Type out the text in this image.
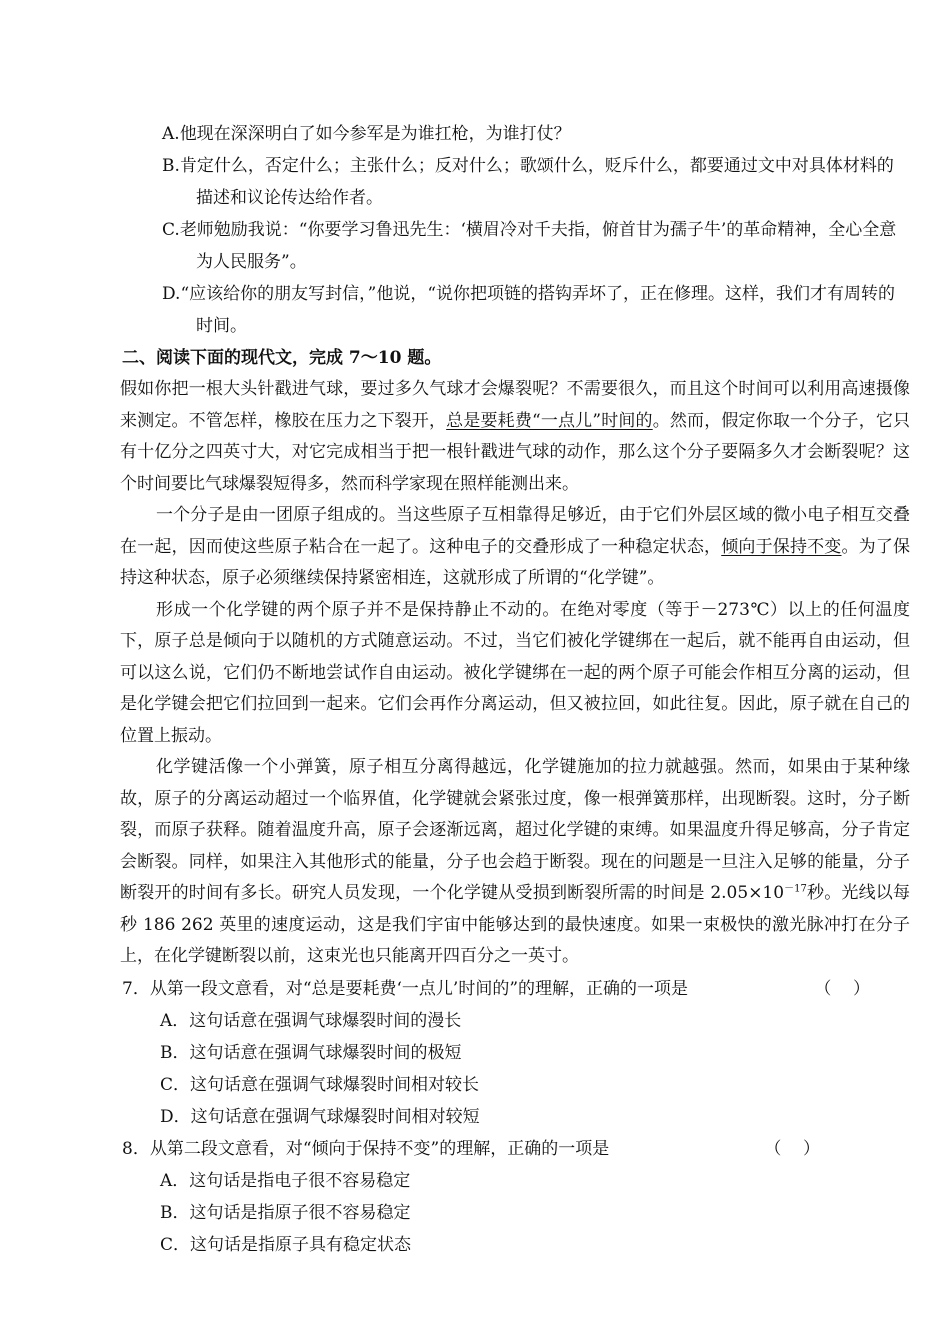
A.他现在深深明白了如今参军是为谁扛枪，为谁打仗？

B.肯定什么，否定什么；主张什么；反对什么；歌颂什么，贬斥什么，都要通过文中对具体材料的描述和议论传达给作者。

C.老师勉励我说：“你要学习鲁迅先生：‘横眉冷对千夫指，俯首甘为孺子牛’的革命精神，全心全意为人民服务”。

D.“应该给你的朋友写封信，”他说，“说你把项链的搭钩弄坏了，正在修理。这样，我们才有周转的时间。

二、阅读下面的现代文，完成 7～10 题。

假如你把一根大头针戳进气球，要过多久气球才会爆裂呢？不需要很久，而且这个时间可以利用高速摄像来测定。不管怎样，橡胶在压力之下裂开，总是要耗费“一点儿”时间的。然而，假定你取一个分子，它只有十亿分之四英寸大，对它完成相当于把一根针戳进气球的动作，那么这个分子要隔多久才会断裂呢？这个时间要比气球爆裂短得多，然而科学家现在照样能测出来。

一个分子是由一团原子组成的。当这些原子互相靠得足够近，由于它们外层区域的微小电子相互交叠在一起，因而使这些原子粘合在一起了。这种电子的交叠形成了一种稳定状态，倾向于保持不变。为了保持这种状态，原子必须继续保持紧密相连，这就形成了所谓的“化学键”。

形成一个化学键的两个原子并不是保持静止不动的。在绝对零度（等于－273℃）以上的任何温度下，原子总是倾向于以随机的方式随意运动。不过，当它们被化学键绑在一起后，就不能再自由运动，但可以这么说，它们仍不断地尝试作自由运动。被化学键绑在一起的两个原子可能会作相互分离的运动，但是化学键会把它们拉回到一起来。它们会再作分离运动，但又被拉回，如此往复。因此，原子就在自己的位置上振动。

化学键活像一个小弹簧，原子相互分离得越远，化学键施加的拉力就越强。然而，如果由于某种缘故，原子的分离运动超过一个临界值，化学键就会紧张过度，像一根弹簧那样，出现断裂。这时，分子断裂，而原子获释。随着温度升高，原子会逐渐远离，超过化学键的束缚。如果温度升得足够高，分子肯定会断裂。同样，如果注入其他形式的能量，分子也会趋于断裂。现在的问题是一旦注入足够的能量，分子断裂开的时间有多长。研究人员发现，一个化学键从受损到断裂所需的时间是 $2.05\times 10^{-17}$秒。光线以每秒 186 262 英里的速度运动，这是我们宇宙中能够达到的最快速度。如果一束极快的激光脉冲打在分子上，在化学键断裂以前，这束光也只能离开四百分之一英寸。

7．从第一段文意看，对“总是要耗费‘一点儿’时间的”的理解，正确的一项是	（    ）

A．这句话意在强调气球爆裂时间的漫长

B．这句话意在强调气球爆裂时间的极短

C．这句话意在强调气球爆裂时间相对较长

D．这句话意在强调气球爆裂时间相对较短

8．从第二段文意看，对“倾向于保持不变”的理解，正确的一项是	（    ）

A．这句话是指电子很不容易稳定

B．这句话是指原子很不容易稳定

C．这句话是指原子具有稳定状态
